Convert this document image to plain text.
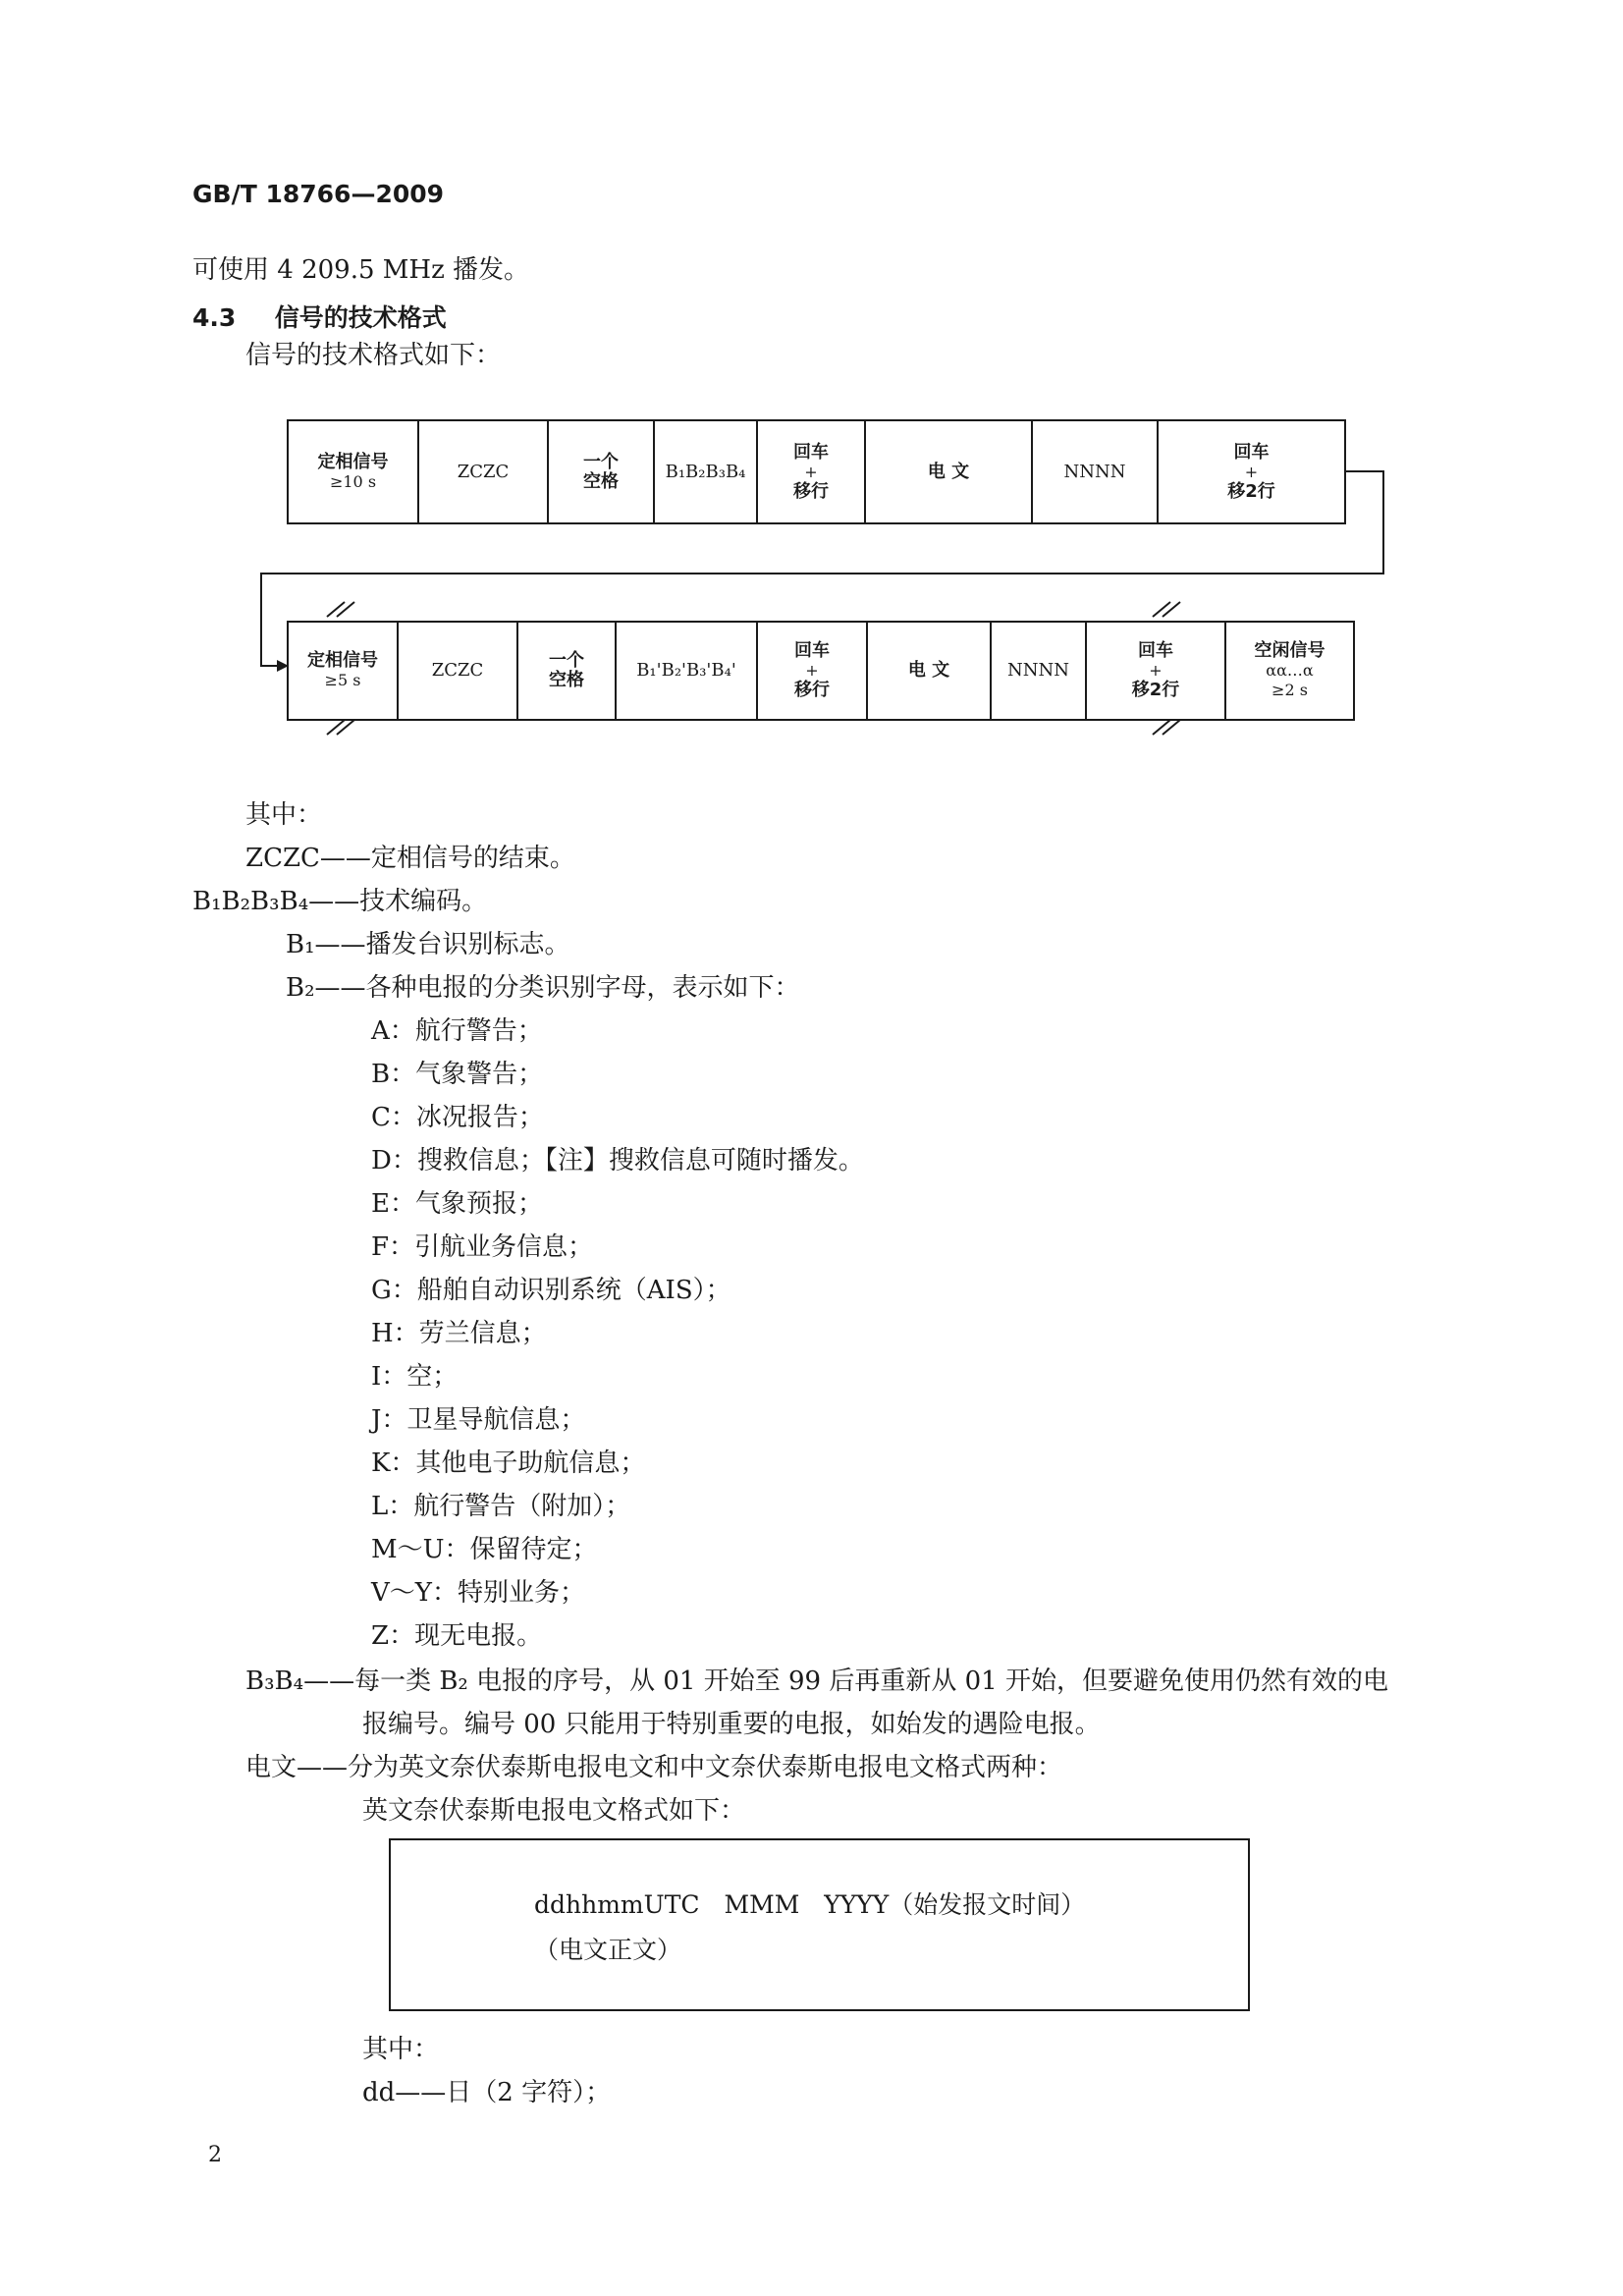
GB/T 18766—2009
可使用 4 209.5 MHz 播发。
4.3 信号的技术格式
信号的技术格式如下：
定相信号
≥10 s	ZCZC	一个
空格	B₁B₂B₃B₄
回车
+
移行
电 文	NNNN
回车
+
移2行
定相信号
≥5 s	ZCZC	一个
空格	B₁'B₂'B₃'B₄'
回车
+
移行
电 文	NNNN
回车
+
移2行
空闲信号
αα…α
≥2 s
其中：
ZCZC——定相信号的结束。
B₁B₂B₃B₄——技术编码。
B₁——播发台识别标志。
B₂——各种电报的分类识别字母，表示如下：
A：航行警告；
B：气象警告；
C：冰况报告；
D：搜救信息；【注】搜救信息可随时播发。
E：气象预报；
F：引航业务信息；
G：船舶自动识别系统（AIS）；
H：劳兰信息；
I：空；
J：卫星导航信息；
K：其他电子助航信息；
L：航行警告（附加）；
M～U：保留待定；
V～Y：特别业务；
Z：现无电报。
B₃B₄——每一类 B₂ 电报的序号，从 01 开始至 99 后再重新从 01 开始，但要避免使用仍然有效的电
报编号。编号 00 只能用于特别重要的电报，如始发的遇险电报。
电文——分为英文奈伏泰斯电报电文和中文奈伏泰斯电报电文格式两种：
英文奈伏泰斯电报电文格式如下：
ddhhmmUTC　MMM　YYYY（始发报文时间）
（电文正文）
其中：
dd——日（2 字符）；
2
